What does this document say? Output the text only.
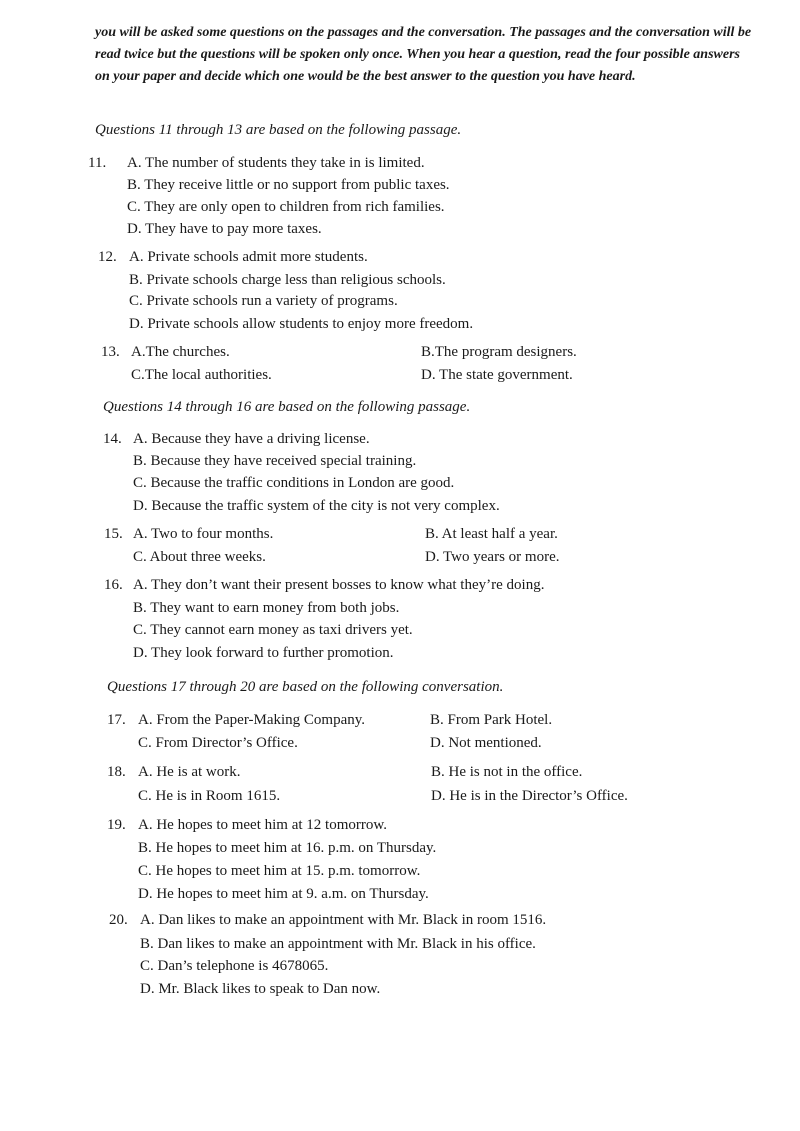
you will be asked some questions on the passages and the conversation. The passages and the conversation will be read twice but the questions will be spoken only once. When you hear a question, read the four possible answers on your paper and decide which one would be the best answer to the question you have heard.

Questions 11 through 13 are based on the following passage.

11. A. The number of students they take in is limited.
B. They receive little or no support from public taxes.
C. They are only open to children from rich families.
D. They have to pay more taxes.
12. A. Private schools admit more students.
B. Private schools charge less than religious schools.
C. Private schools run a variety of programs.
D. Private schools allow students to enjoy more freedom.
13. A.The churches.	B.The program designers.
C.The local authorities.	D. The state government.

Questions 14 through 16 are based on the following passage.

14. A. Because they have a driving license.
B. Because they have received special training.
C. Because the traffic conditions in London are good.
D. Because the traffic system of the city is not very complex.
15. A. Two to four months.	B. At least half a year.
C. About three weeks.	D. Two years or more.
16. A. They don’t want their present bosses to know what they’re doing.
B. They want to earn money from both jobs.
C. They cannot earn money as taxi drivers yet.
D. They look forward to further promotion.

Questions 17 through 20 are based on the following conversation.

17. A. From the Paper-Making Company.	B. From Park Hotel.
C. From Director’s Office.	D. Not mentioned.
18. A. He is at work.	B. He is not in the office.
C. He is in Room 1615.	D. He is in the Director’s Office.
19. A. He hopes to meet him at 12 tomorrow.
B. He hopes to meet him at 16. p.m. on Thursday.
C. He hopes to meet him at 15. p.m. tomorrow.
D. He hopes to meet him at 9. a.m. on Thursday.
20. A. Dan likes to make an appointment with Mr. Black in room 1516.
B. Dan likes to make an appointment with Mr. Black in his office.
C. Dan’s telephone is 4678065.
D. Mr. Black likes to speak to Dan now.
